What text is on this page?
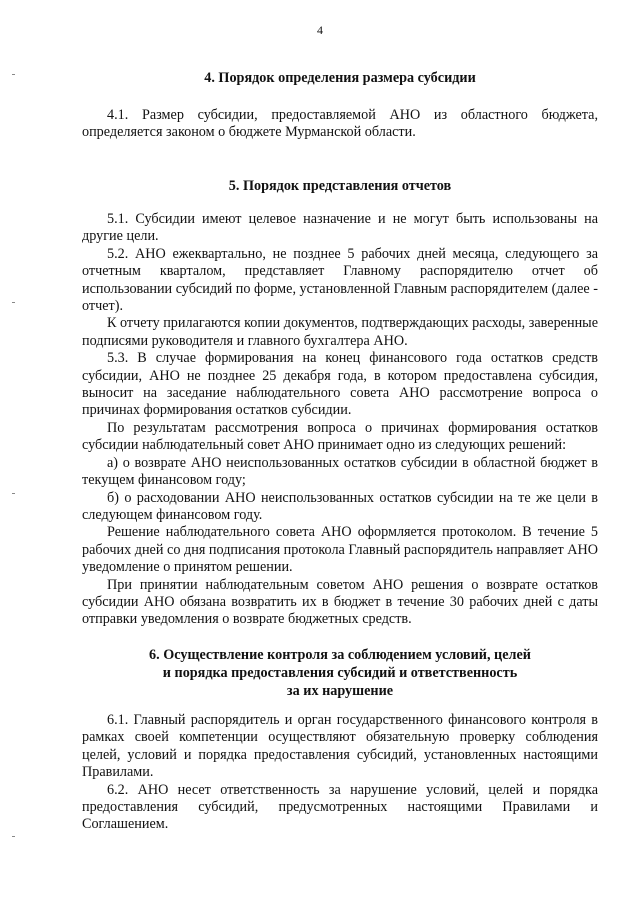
4
4. Порядок определения размера субсидии

4.1. Размер субсидии, предоставляемой АНО из областного бюджета, определяется законом о бюджете Мурманской области.

5. Порядок представления отчетов

5.1. Субсидии имеют целевое назначение и не могут быть использованы на другие цели.

5.2. АНО ежеквартально, не позднее 5 рабочих дней месяца, следующего за отчетным кварталом, представляет Главному распорядителю отчет об использовании субсидий по форме, установленной Главным распорядителем (далее - отчет).

К отчету прилагаются копии документов, подтверждающих расходы, заверенные подписями руководителя и главного бухгалтера АНО.

5.3. В случае формирования на конец финансового года остатков средств субсидии, АНО не позднее 25 декабря года, в котором предоставлена субсидия, выносит на заседание наблюдательного совета АНО рассмотрение вопроса о причинах формирования остатков субсидии.

По результатам рассмотрения вопроса о причинах формирования остатков субсидии наблюдательный совет АНО принимает одно из следующих решений:

а) о возврате АНО неиспользованных остатков субсидии в областной бюджет в текущем финансовом году;

б) о расходовании АНО неиспользованных остатков субсидии на те же цели в следующем финансовом году.

Решение наблюдательного совета АНО оформляется протоколом. В течение 5 рабочих дней со дня подписания протокола Главный распорядитель направляет АНО уведомление о принятом решении.

При принятии наблюдательным советом АНО решения о возврате остатков субсидии АНО обязана возвратить их в бюджет в течение 30 рабочих дней с даты отправки уведомления о возврате бюджетных средств.

6. Осуществление контроля за соблюдением условий, целей
и порядка предоставления субсидий и ответственность
за их нарушение

6.1. Главный распорядитель и орган государственного финансового контроля в рамках своей компетенции осуществляют обязательную проверку соблюдения целей, условий и порядка предоставления субсидий, установленных настоящими Правилами.

6.2. АНО несет ответственность за нарушение условий, целей и порядка предоставления субсидий, предусмотренных настоящими Правилами и Соглашением.
